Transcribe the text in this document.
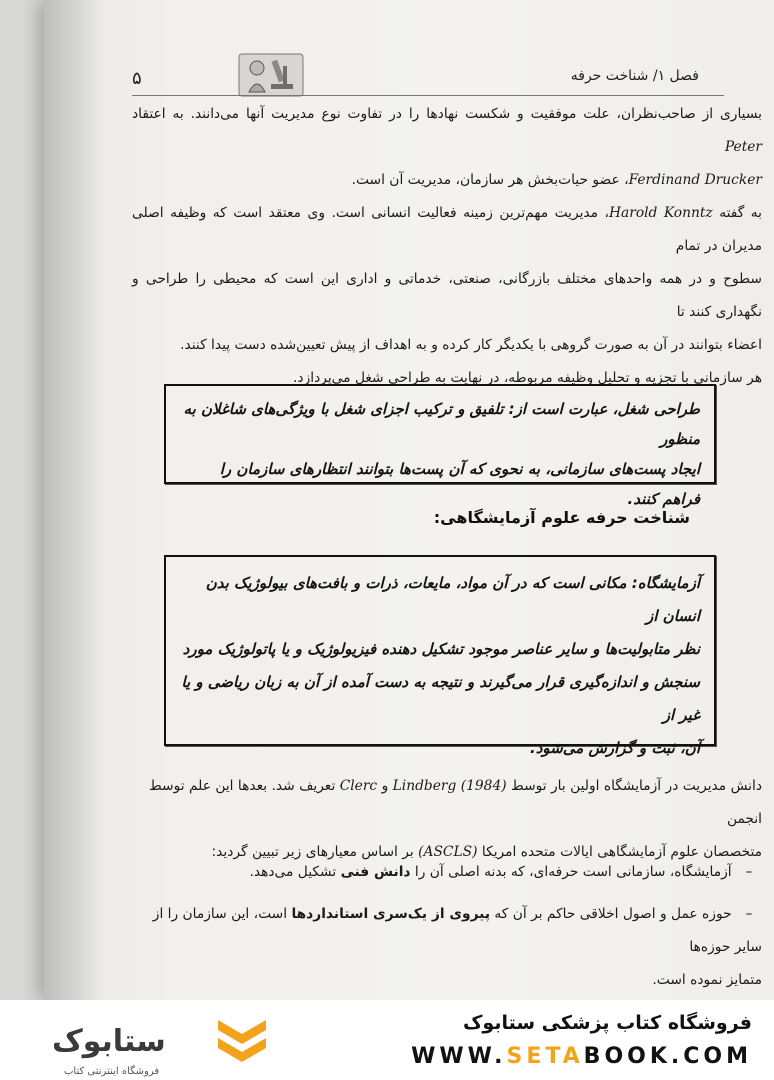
۵	فصل ۱/ شناخت حرفه
بسیاری از صاحب‌نظران، علت موفقیت و شکست نهادها را در تفاوت نوع مدیریت آنها می‌دانند. به اعتقاد Peter
Ferdinand Drucker، عضو حیات‌بخش هر سازمان، مدیریت آن است.
به گفته Harold Konntz، مدیریت مهم‌ترین زمینه فعالیت انسانی است. وی معتقد است که وظیفه اصلی مدیران در تمام
سطوح و در همه واحدهای مختلف بازرگانی، صنعتی، خدماتی و اداری این است که محیطی را طراحی و نگهداری کنند تا
اعضاء بتوانند در آن به صورت گروهی با یکدیگر کار کرده و به اهداف از پیش تعیین‌شده دست پیدا کنند.
هر سازمانی با تجزیه و تحلیل وظیفه مربوطه، در نهایت به طراحی شغل می‌پردازد.
طراحی شغل، عبارت است از: تلفیق و ترکیب اجزای شغل با ویژگی‌های شاغلان به منظور
ایجاد پست‌های سازمانی، به نحوی که آن پست‌ها بتوانند انتظارهای سازمان را فراهم کنند.
شناخت حرفه علوم آزمایشگاهی:
آزمایشگاه: مکانی است که در آن مواد، مایعات، ذرات و بافت‌های بیولوژیک بدن انسان از
نظر متابولیت‌ها و سایر عناصر موجود تشکیل دهنده فیزیولوژیک و یا پاتولوژیک مورد
سنجش و اندازه‌گیری قرار می‌گیرند و نتیجه به دست آمده از آن به زبان ریاضی و یا غیر از
آن، ثبت و گزارش می‌شود.
دانش مدیریت در آزمایشگاه اولین بار توسط Lindberg (1984) و Clerc تعریف شد. بعدها این علم توسط انجمن
متخصصان علوم آزمایشگاهی ایالات متحده امریکا (ASCLS) بر اساس معیارهای زیر تبیین گردید:
– آزمایشگاه، سازمانی است حرفه‌ای، که بدنه اصلی آن را دانش فنی تشکیل می‌دهد.
– حوزه عمل و اصول اخلاقی حاکم بر آن که پیروی از یک‌سری استانداردها است، این سازمان را از سایر حوزه‌ها
متمایز نموده است.
ستابوک
فروشگاه اینترنتی کتاب
فروشگاه کتاب پزشکی ستابوک
WWW.SETABOOK.COM
